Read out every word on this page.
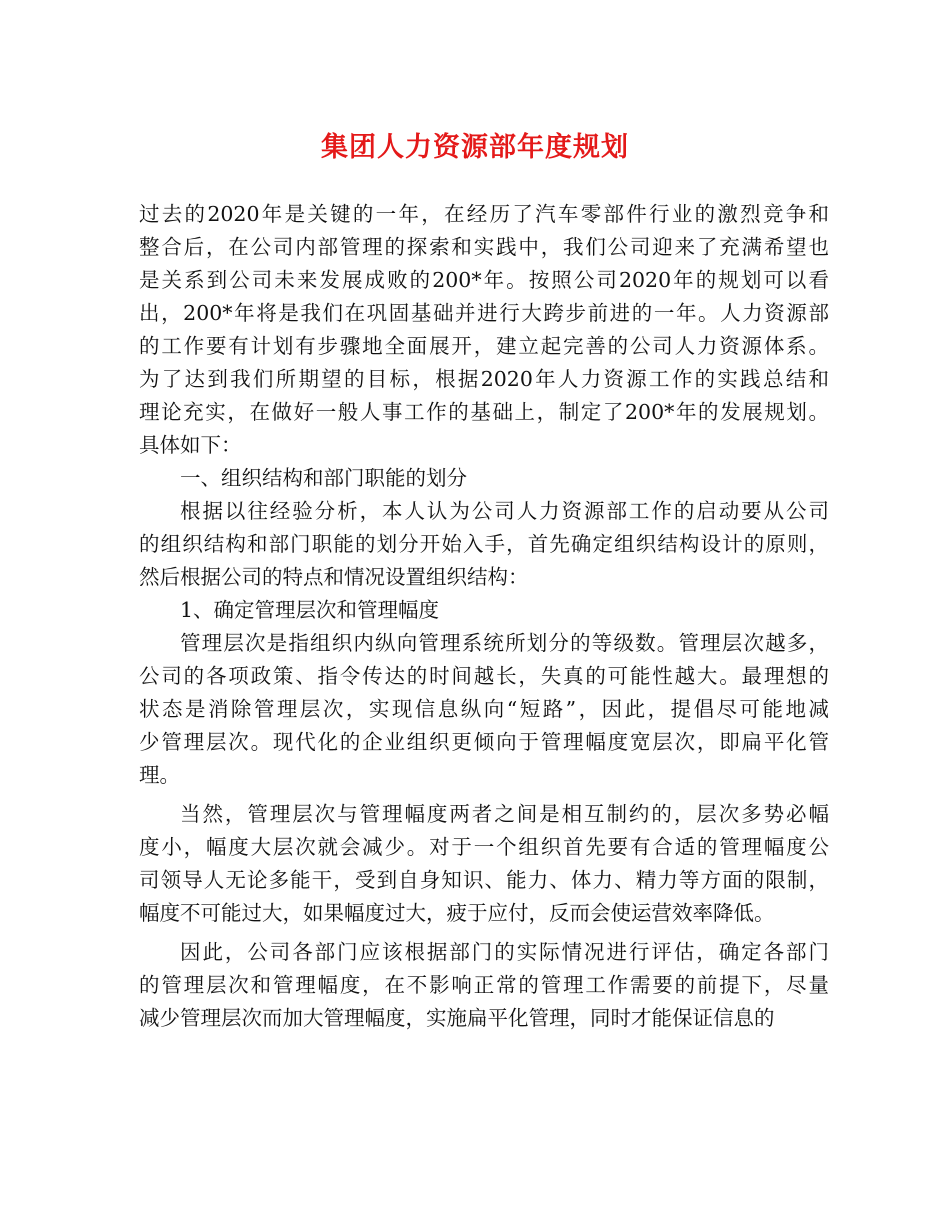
集团人力资源部年度规划
过去的2020年是关键的一年，在经历了汽车零部件行业的激烈竞争和
整合后，在公司内部管理的探索和实践中，我们公司迎来了充满希望也
是关系到公司未来发展成败的200*年。按照公司2020年的规划可以看
出，200*年将是我们在巩固基础并进行大跨步前进的一年。人力资源部
的工作要有计划有步骤地全面展开，建立起完善的公司人力资源体系。
为了达到我们所期望的目标，根据2020年人力资源工作的实践总结和
理论充实，在做好一般人事工作的基础上，制定了200*年的发展规划。
具体如下：
一、组织结构和部门职能的划分
根据以往经验分析，本人认为公司人力资源部工作的启动要从公司
的组织结构和部门职能的划分开始入手，首先确定组织结构设计的原则，
然后根据公司的特点和情况设置组织结构：
1、确定管理层次和管理幅度
管理层次是指组织内纵向管理系统所划分的等级数。管理层次越多，
公司的各项政策、指令传达的时间越长，失真的可能性越大。最理想的
状态是消除管理层次，实现信息纵向“短路”，因此，提倡尽可能地减
少管理层次。现代化的企业组织更倾向于管理幅度宽层次，即扁平化管
理。
当然，管理层次与管理幅度两者之间是相互制约的，层次多势必幅
度小，幅度大层次就会减少。对于一个组织首先要有合适的管理幅度公
司领导人无论多能干，受到自身知识、能力、体力、精力等方面的限制，
幅度不可能过大，如果幅度过大，疲于应付，反而会使运营效率降低。
因此，公司各部门应该根据部门的实际情况进行评估，确定各部门
的管理层次和管理幅度，在不影响正常的管理工作需要的前提下，尽量
减少管理层次而加大管理幅度，实施扁平化管理，同时才能保证信息的
